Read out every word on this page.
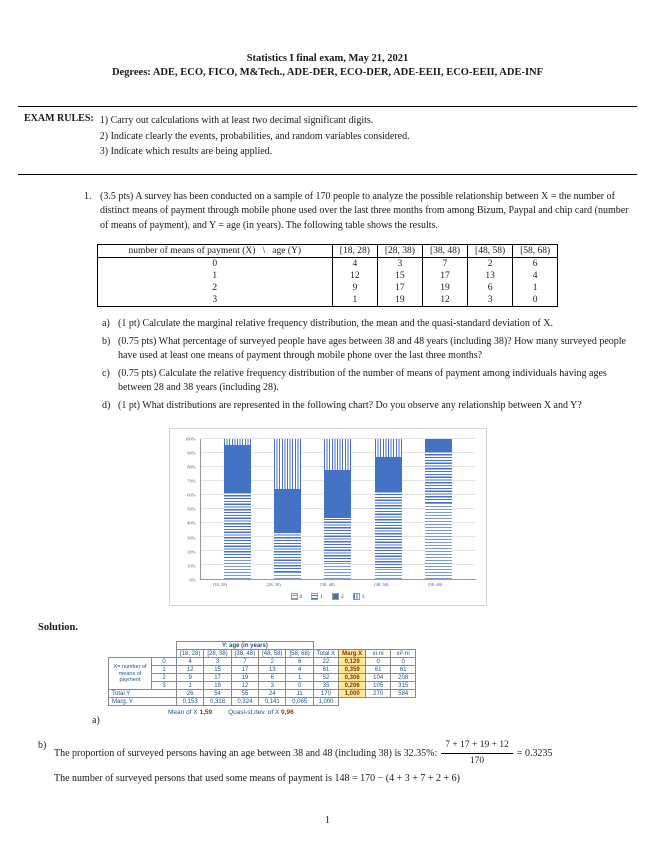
Statistics I final exam, May 21, 2021
Degrees: ADE, ECO, FICO, M&Tech., ADE-DER, ECO-DER, ADE-EEII, ECO-EEII, ADE-INF
EXAM RULES: 1) Carry out calculations with at least two decimal significant digits.
2) Indicate clearly the events, probabilities, and random variables considered.
3) Indicate which results are being applied.
1. (3.5 pts) A survey has been conducted on a sample of 170 people to analyze the possible relationship between X = the number of distinct means of payment through mobile phone used over the last three months from among Bizum, Paypal and chip card (number of means of payment), and Y = age (in years). The following table shows the results.
number of means of payment (X)   \   age (Y)	[18, 28)	[28, 38)	[38, 48)	[48, 58)	[58, 68)
0	4	3	7	2	6
1	12	15	17	13	4
2	9	17	19	6	1
3	1	19	12	3	0
a) (1 pt) Calculate the marginal relative frequency distribution, the mean and the quasi-standard deviation of X.
b) (0.75 pts) What percentage of surveyed people have ages between 38 and 48 years (including 38)? How many surveyed people have used at least one means of payment through mobile phone over the last three months?
c) (0.75 pts) Calculate the relative frequency distribution of the number of means of payment among individuals having ages between 28 and 38 years (including 28).
d) (1 pt) What distributions are represented in the following chart? Do you observe any relationship between X and Y?
0%
10%
20%
30%
40%
50%
60%
70%
80%
90%
100%
[18, 28)	[28, 38)	[38, 48)	[48, 58)	[58, 68)
0	1	2	3
Solution.
		Y: age (in years)								
		[18, 28)	[28, 38)	[38, 48)	[48, 58)	[58, 68)	Total X	Marg X	xi·ni	xi²·ni
X= number of means of payment	0	4	3	7	2	6	22	0,129	0	0
	1	12	15	17	13	4	61	0,359	61	61
	2	9	17	19	6	1	52	0,306	104	208
	3	1	19	12	3	0	35	0,206	105	315
Total Y		26	54	55	24	11	170	1,000	270	584
Marg. Y		0,153	0,318	0,324	0,141	0,065	1,000			
Mean of X 1,59 Quasi-st.dev. of X 0,96
a)
b)
The proportion of surveyed persons having an age between 38 and 48 (including 38) is 32.35%: $\frac{7 + 17 + 19 + 12}{170} = 0.3235$
The number of surveyed persons that used some means of payment is 148 = 170 − (4 + 3 + 7 + 2 + 6)
1
